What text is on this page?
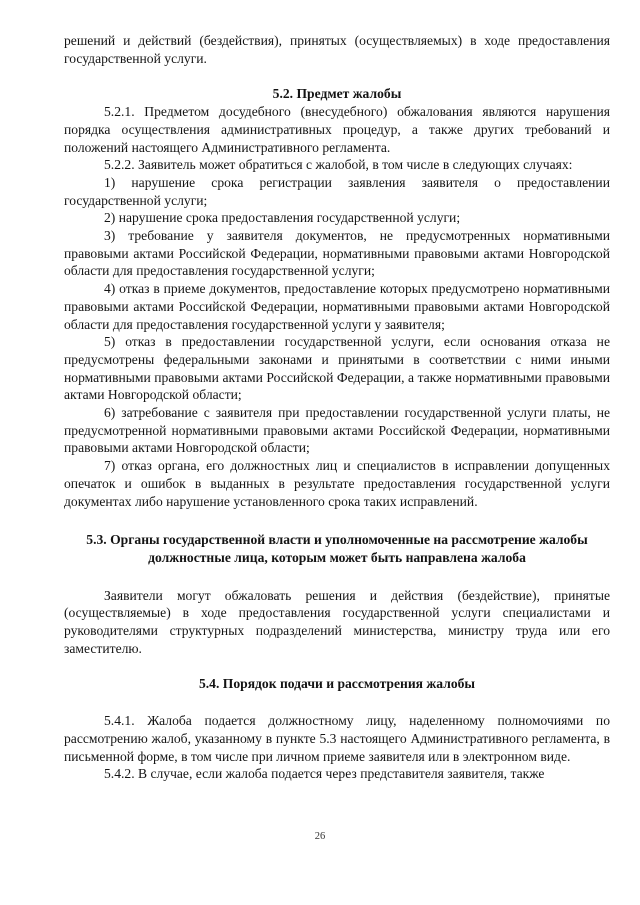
решений и действий (бездействия), принятых (осуществляемых) в ходе предоставления государственной услуги.

5.2. Предмет жалобы

5.2.1. Предметом досудебного (внесудебного) обжалования являются нарушения порядка осуществления административных процедур, а также других требований и положений настоящего Административного регламента.

5.2.2. Заявитель может обратиться с жалобой, в том числе в следующих случаях:

1) нарушение срока регистрации заявления заявителя о предоставлении государственной услуги;

2) нарушение срока предоставления государственной услуги;

3) требование у заявителя документов, не предусмотренных нормативными правовыми актами Российской Федерации, нормативными правовыми актами Новгородской области для предоставления государственной услуги;

4) отказ в приеме документов, предоставление которых предусмотрено нормативными правовыми актами Российской Федерации, нормативными правовыми актами Новгородской области для предоставления государственной услуги у заявителя;

5) отказ в предоставлении государственной услуги, если основания отказа не предусмотрены федеральными законами и принятыми в соответствии с ними иными нормативными правовыми актами Российской Федерации, а также нормативными правовыми актами Новгородской области;

6) затребование с заявителя при предоставлении государственной услуги платы, не предусмотренной нормативными правовыми актами Российской Федерации, нормативными правовыми актами Новгородской области;

7) отказ органа, его должностных лиц и специалистов в исправлении допущенных опечаток и ошибок в выданных в результате предоставления государственной услуги документах либо нарушение установленного срока таких исправлений.

5.3. Органы государственной власти и уполномоченные на рассмотрение жалобы должностные лица, которым может быть направлена жалоба

Заявители могут обжаловать решения и действия (бездействие), принятые (осуществляемые) в ходе предоставления государственной услуги специалистами и руководителями структурных подразделений министерства, министру труда или его заместителю.

5.4. Порядок подачи и рассмотрения жалобы

5.4.1. Жалоба подается должностному лицу, наделенному полномочиями по рассмотрению жалоб, указанному в пункте 5.3 настоящего Административного регламента, в письменной форме, в том числе при личном приеме заявителя или в электронном виде.

5.4.2. В случае, если жалоба подается через представителя заявителя, также

26
